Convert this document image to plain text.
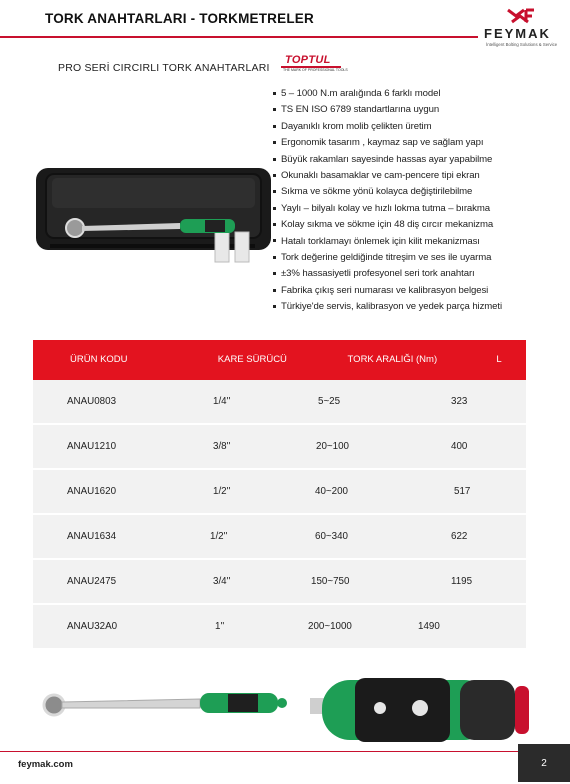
TORK ANAHTARLARI - TORKMETRELER
FEYMAK
İntelligent Bolting Solutions & Service
PRO SERİ CIRCIRLI TORK ANAHTARLARI
TOPTUL
THE MARK OF PROFESSIONAL TOOLS
5 – 1000 N.m aralığında 6 farklı model
TS EN ISO 6789 standartlarına uygun
Dayanıklı krom molib çelikten üretim
Ergonomik tasarım , kaymaz sap ve sağlam yapı
Büyük rakamları sayesinde hassas ayar yapabilme
Okunaklı basamaklar ve cam-pencere tipi ekran
Sıkma ve sökme yönü kolayca değiştirilebilme
Yaylı – bilyalı kolay ve hızlı lokma tutma – bırakma
Kolay sıkma ve sökme için 48 diş cırcır mekanizma
Hatalı torklamayı önlemek için kilit mekanizması
Tork değerine geldiğinde titreşim ve ses ile uyarma
±3% hassasiyetli profesyonel seri tork anahtarı
Fabrika çıkış seri numarası ve kalibrasyon belgesi
Türkiye'de servis, kalibrasyon ve yedek parça hizmeti
ÜRÜN KODU	KARE SÜRÜCÜ	TORK ARALIĞI (Nm)	L
ANAU0803	1/4''	5~25	323
ANAU1210	3/8''	20~100	400
ANAU1620	1/2''	40~200	517
ANAU1634	1/2''	60~340	622
ANAU2475	3/4''	150~750	1195
ANAU32A0	1''	200~1000	1490
feymak.com	2
